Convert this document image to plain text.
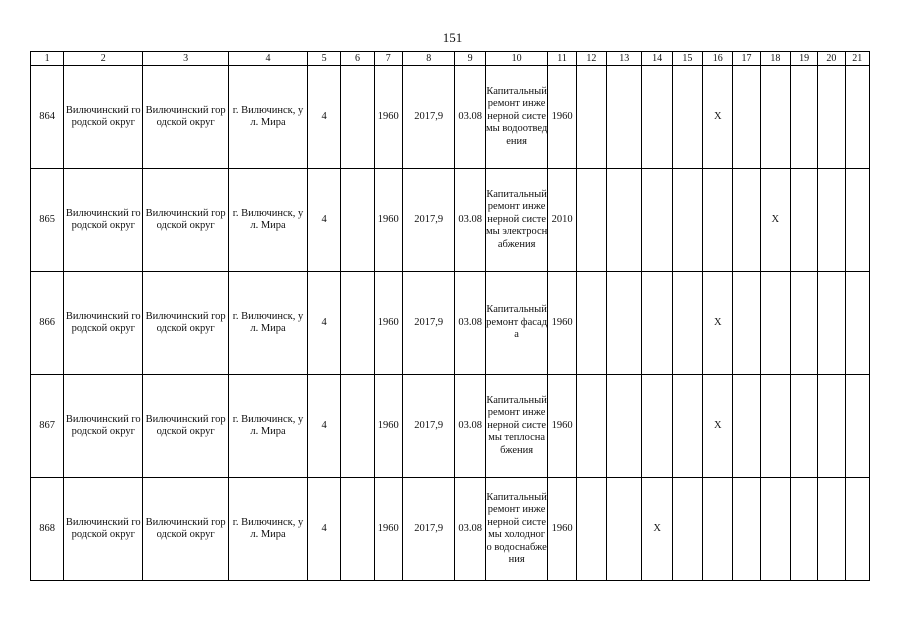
151
1	2	3	4	5	6	7	8	9	10	11	12	13	14	15	16	17	18	19	20	21
864	Вилючинский городской округ	Вилючинский городской округ	г. Вилючинск, ул. Мира	4		1960	2017,9	03.08	Капитальный ремонт инженерной системы водоотведения	1960					X					
865	Вилючинский городской округ	Вилючинский городской округ	г. Вилючинск, ул. Мира	4		1960	2017,9	03.08	Капитальный ремонт инженерной системы электроснабжения	2010							X			
866	Вилючинский городской округ	Вилючинский городской округ	г. Вилючинск, ул. Мира	4		1960	2017,9	03.08	Капитальный ремонт фасада	1960					X					
867	Вилючинский городской округ	Вилючинский городской округ	г. Вилючинск, ул. Мира	4		1960	2017,9	03.08	Капитальный ремонт инженерной системы теплоснабжения	1960					X					
868	Вилючинский городской округ	Вилючинский городской округ	г. Вилючинск, ул. Мира	4		1960	2017,9	03.08	Капитальный ремонт инженерной системы холодного водоснабжения	1960			X							
